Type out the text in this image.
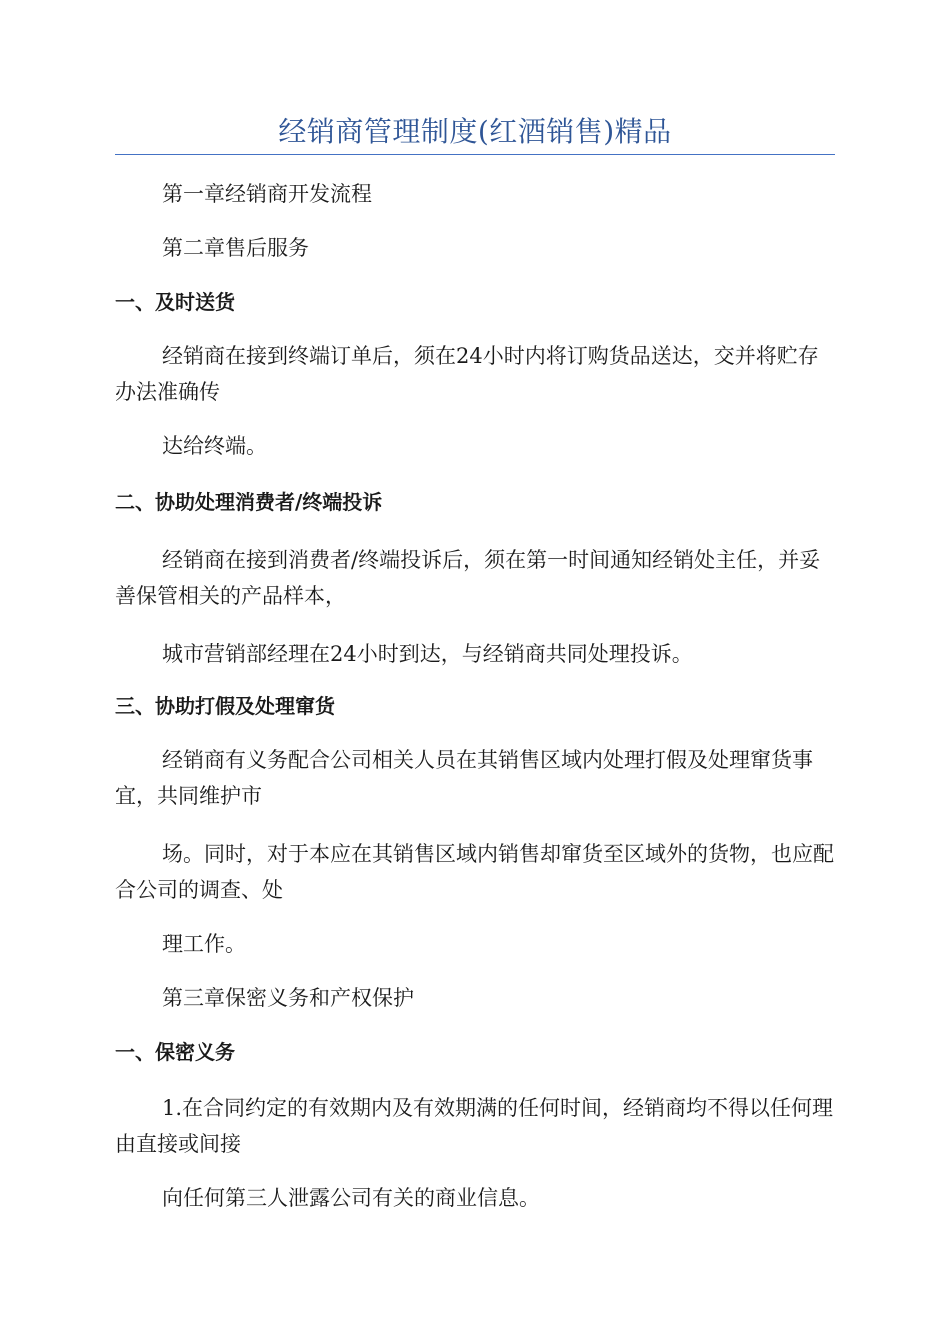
经销商管理制度(红酒销售)精品

第一章经销商开发流程

第二章售后服务

一、及时送货

经销商在接到终端订单后，须在24小时内将订购货品送达，交并将贮存办法准确传

达给终端。

二、协助处理消费者/终端投诉

经销商在接到消费者/终端投诉后，须在第一时间通知经销处主任，并妥善保管相关的产品样本，

城市营销部经理在24小时到达，与经销商共同处理投诉。

三、协助打假及处理窜货

经销商有义务配合公司相关人员在其销售区域内处理打假及处理窜货事宜，共同维护市

场。同时，对于本应在其销售区域内销售却窜货至区域外的货物，也应配合公司的调查、处

理工作。

第三章保密义务和产权保护

一、保密义务

1.在合同约定的有效期内及有效期满的任何时间，经销商均不得以任何理由直接或间接

向任何第三人泄露公司有关的商业信息。
